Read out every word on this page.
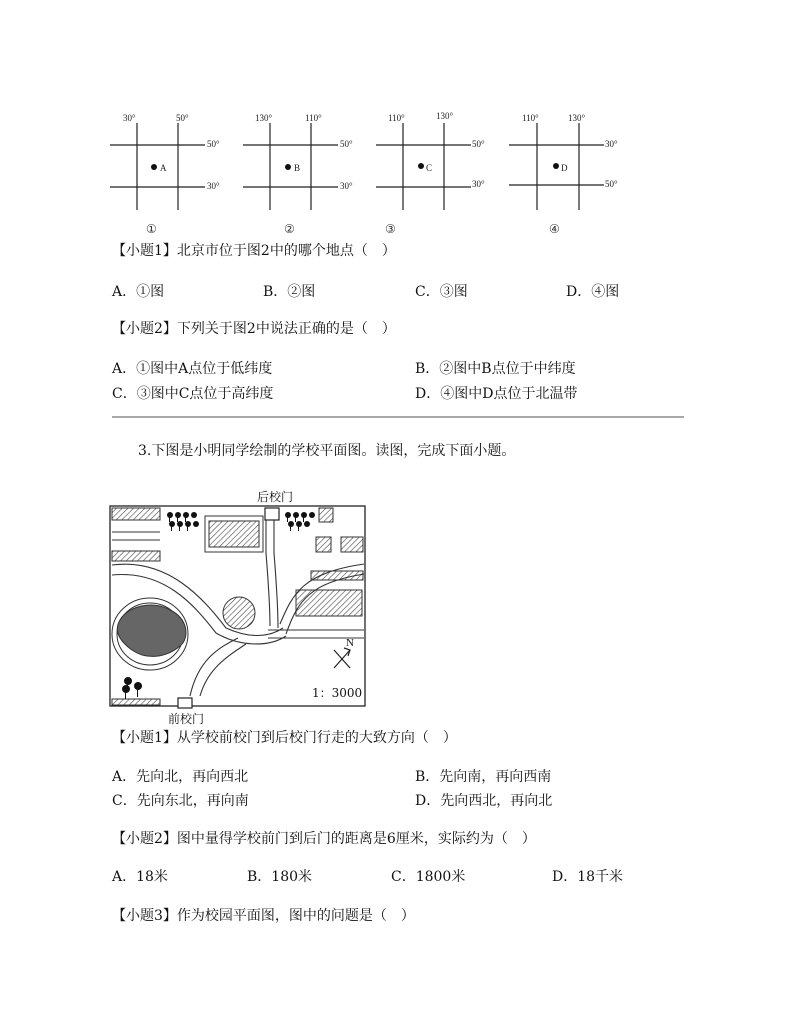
30°	50°
50°
30°
A
①
130°	110°
50°
30°
B
②
110°	130°
50°
30°
C
③
110°	130°
30°
50°
D
④
【小题1】北京市位于图2中的哪个地点（　）
A．①图	B．②图	C．③图	D．④图
【小题2】下列关于图2中说法正确的是（　）
A．①图中A点位于低纬度	B．②图中B点位于中纬度
C．③图中C点位于高纬度	D．④图中D点位于北温带
3.下图是小明同学绘制的学校平面图。读图，完成下面小题。
后校门
N
1：3000
前校门
【小题1】从学校前校门到后校门行走的大致方向（　）
A．先向北，再向西北	B．先向南，再向西南
C．先向东北，再向南	D．先向西北，再向北
【小题2】图中量得学校前门到后门的距离是6厘米，实际约为（　）
A．18米	B．180米	C．1800米	D．18千米
【小题3】作为校园平面图，图中的问题是（　）
